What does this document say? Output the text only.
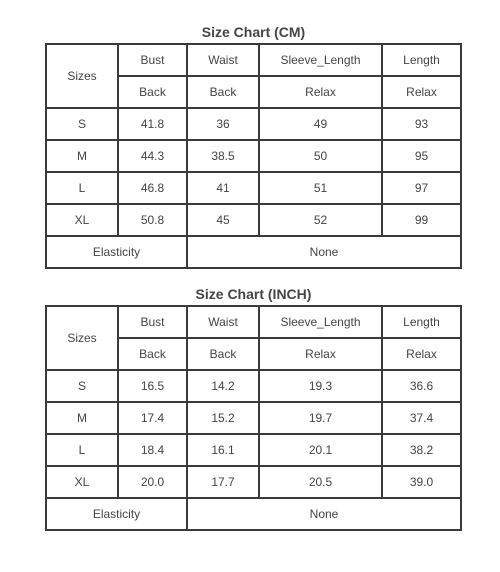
Size Chart (CM)
Sizes	Bust	Waist	Sleeve_Length	Length
	Back	Back	Relax	Relax
S	41.8	36	49	93
M	44.3	38.5	50	95
L	46.8	41	51	97
XL	50.8	45	52	99
Elasticity		None		
Size Chart (INCH)
Sizes	Bust	Waist	Sleeve_Length	Length
	Back	Back	Relax	Relax
S	16.5	14.2	19.3	36.6
M	17.4	15.2	19.7	37.4
L	18.4	16.1	20.1	38.2
XL	20.0	17.7	20.5	39.0
Elasticity		None		
